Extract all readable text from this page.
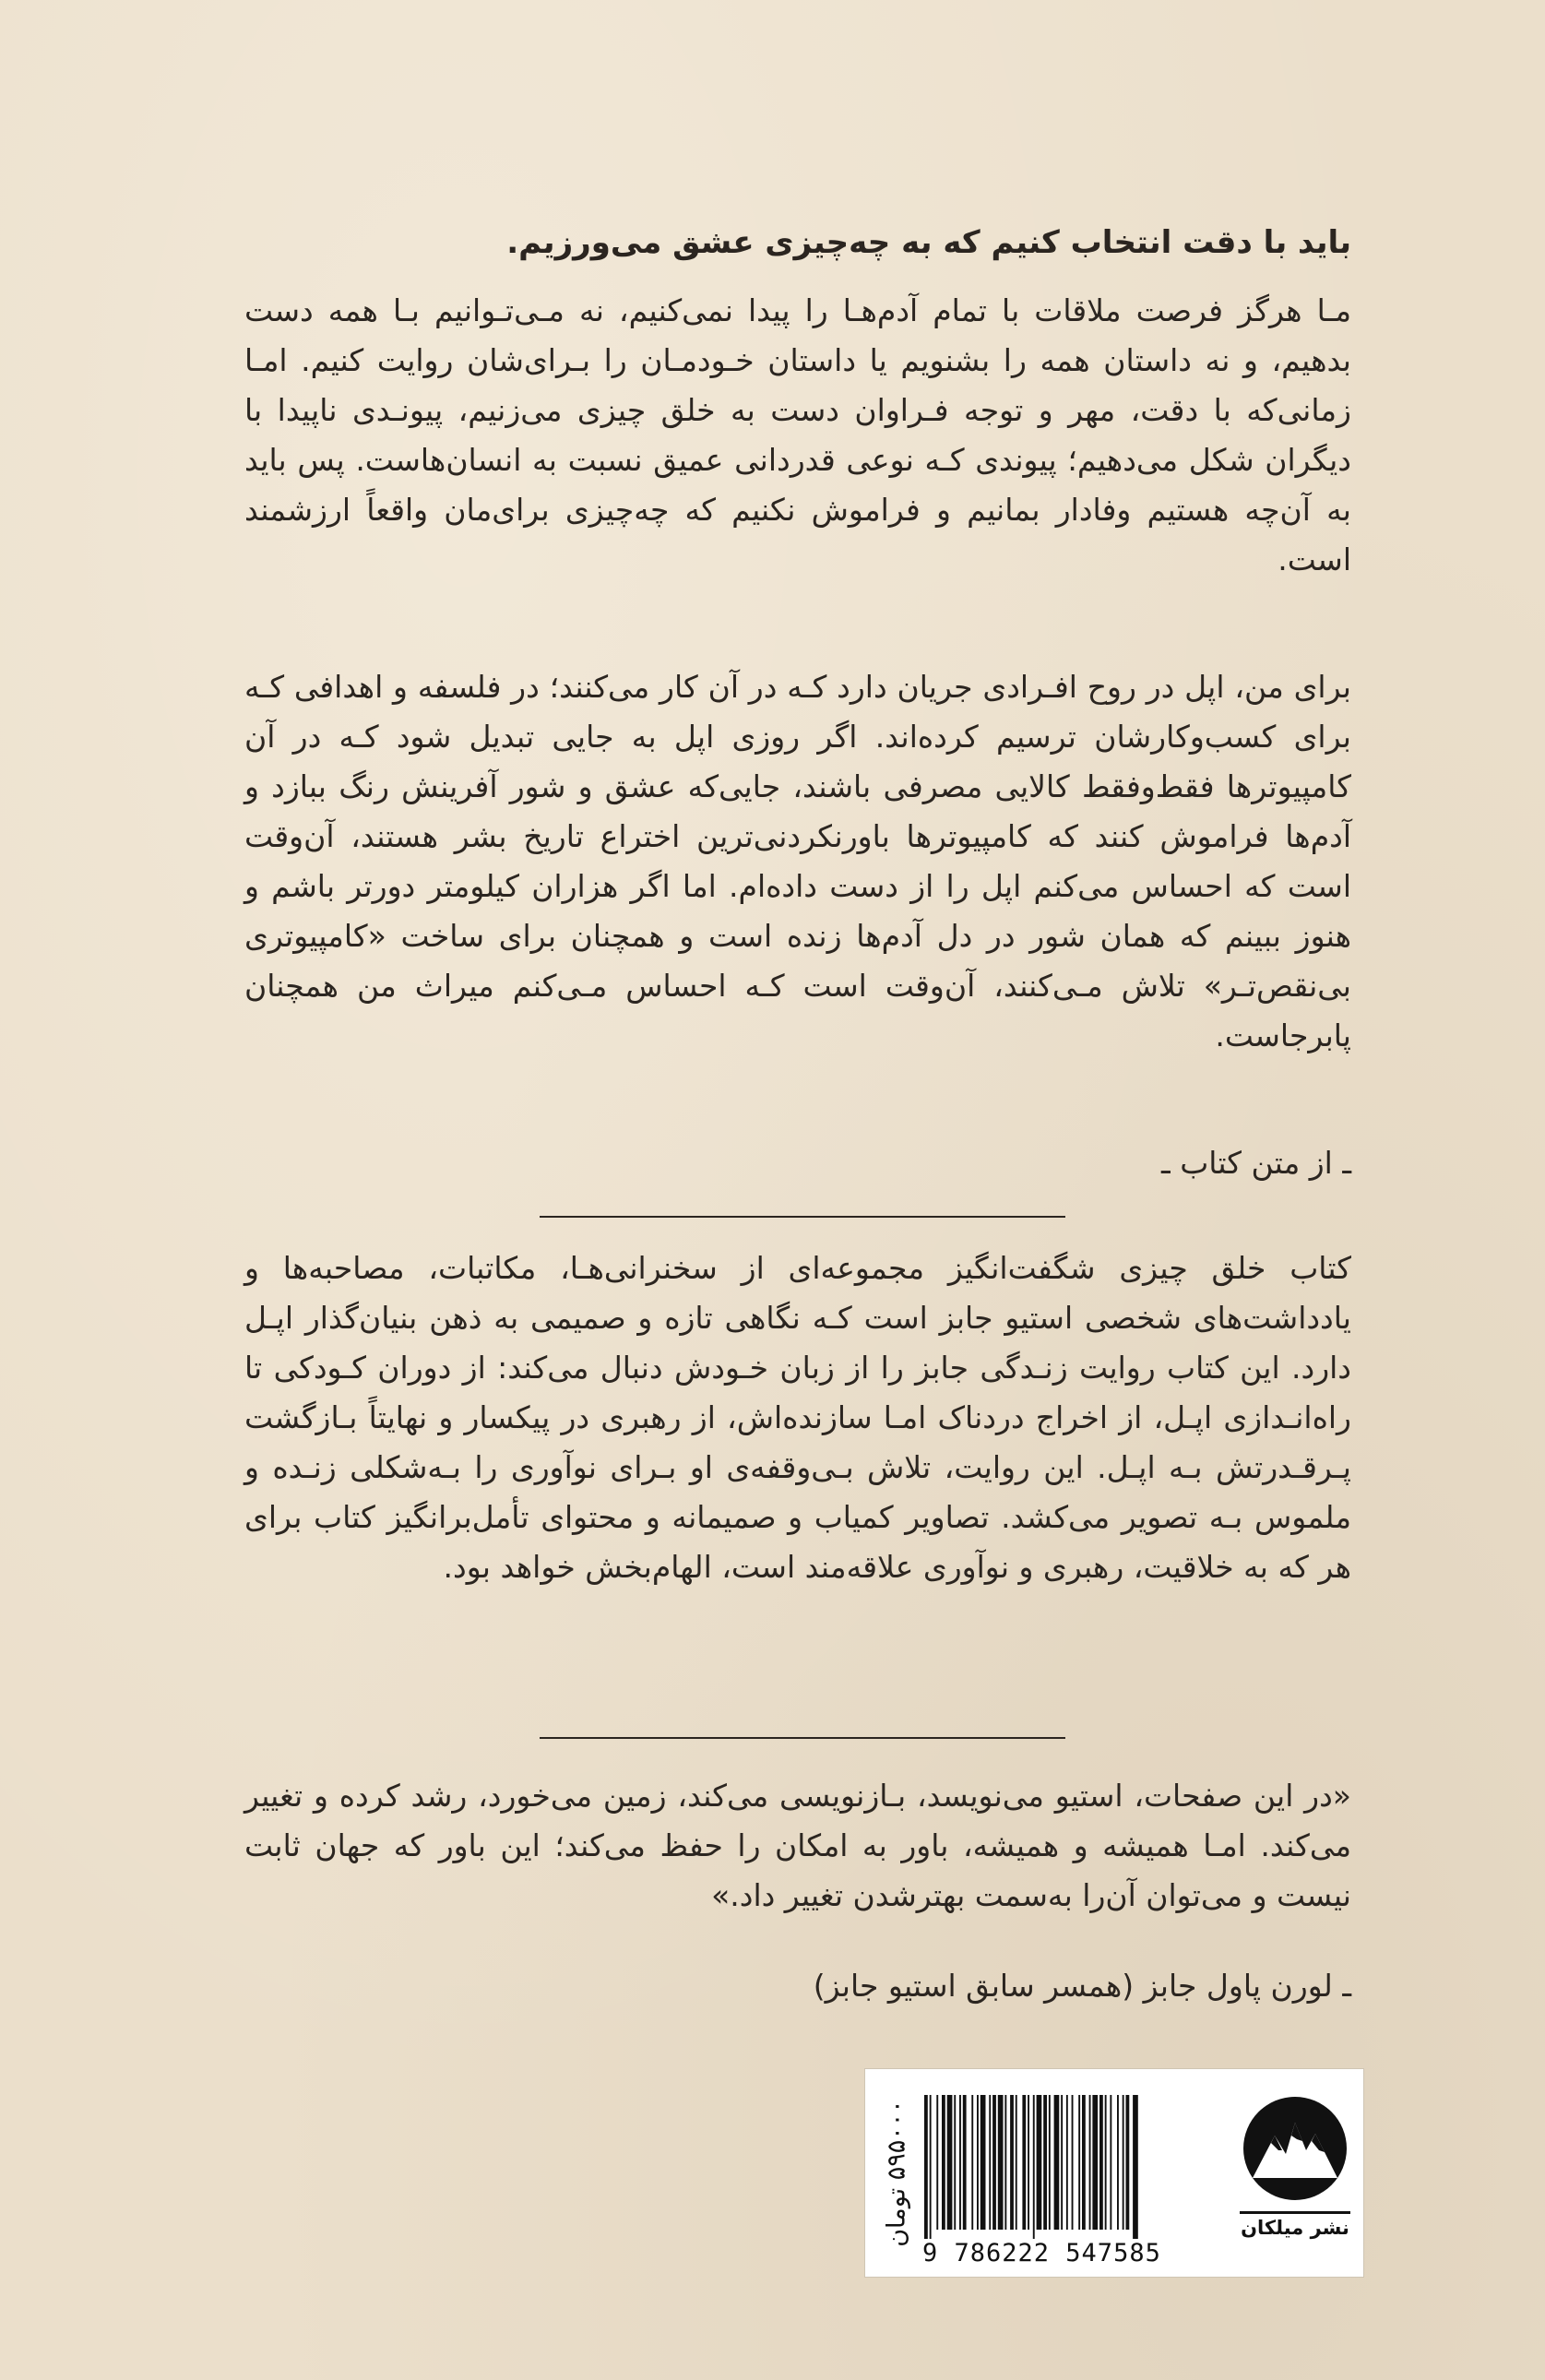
باید با دقت انتخاب کنیم که به چه‌چیزی عشق می‌ورزیم.
مـا هرگز فرصت ملاقات با تمام آدم‌هـا را پیدا نمی‌کنیم، نه مـی‌تـوانیم بـا همه دست بدهیم، و نه داستان همه را بشنویم یا داستان خـودمـان را بـرای‌شان روایت کنیم. امـا زمانی‌که با دقت، مهر و توجه فـراوان دست به خلق چیزی می‌زنیم، پیونـدی ناپیدا با دیگران شکل می‌دهیم؛ پیوندی کـه نوعی قدردانی عمیق نسبت به انسان‌هاست. پس باید به آن‌چه هستیم وفادار بمانیم و فراموش نکنیم که چه‌چیزی برای‌مان واقعاً ارزشمند است.
برای من، اپل در روح افـرادی جریان دارد کـه در آن کار می‌کنند؛ در فلسفه و اهدافی کـه برای کسب‌وکارشان ترسیم کرده‌اند. اگر روزی اپل به جایی تبدیل شود کـه در آن کامپیوترها فقط‌وفقط کالایی مصرفی باشند، جایی‌که عشق و شور آفرینش رنگ ببازد و آدم‌ها فراموش کنند که کامپیوترها باورنکردنی‌ترین اختراع تاریخ بشر هستند، آن‌وقت است که احساس می‌کنم اپل را از دست داده‌ام. اما اگر هزاران کیلومتر دورتر باشم و هنوز ببینم که همان شور در دل آدم‌ها زنده است و همچنان برای ساخت «کامپیوتری بی‌نقص‌تـر» تلاش مـی‌کنند، آن‌وقت است کـه احساس مـی‌کنم میراث من همچنان پابرجاست.
ـ از متن کتاب ـ
کتاب خلق چیزی شگفت‌انگیز مجموعه‌ای از سخنرانی‌هـا، مکاتبات، مصاحبه‌ها و یادداشت‌های شخصی استیو جابز است کـه نگاهی تازه و صمیمی به ذهن بنیان‌گذار اپـل دارد. این کتاب روایت زنـدگی جابز را از زبان خـودش دنبال می‌کند: از دوران کـودکی تا راه‌انـدازی اپـل، از اخراج دردناک امـا سازنده‌اش، از رهبری در پیکسار و نهایتاً بـازگشت پـرقـدرتش بـه اپـل. این روایت، تلاش بـی‌وقفه‌ی او بـرای نوآوری را بـه‌شکلی زنـده و ملموس بـه تصویر می‌کشد. تصاویر کمیاب و صمیمانه و محتوای تأمل‌برانگیز کتاب برای هر که به خلاقیت، رهبری و نوآوری علاقه‌مند است، الهام‌بخش خواهد بود.
«در این صفحات، استیو می‌نویسد، بـازنویسی می‌کند، زمین می‌خورد، رشد کرده و تغییر می‌کند. امـا همیشه و همیشه، باور به امکان را حفظ می‌کند؛ این باور که جهان ثابت نیست و می‌توان آن‌را به‌سمت بهترشدن تغییر داد.»
ـ لورن پاول جابز (همسر سابق استیو جابز)
۵۹۵۰۰۰ تومان
9 786222 547585
نشر میلکان
